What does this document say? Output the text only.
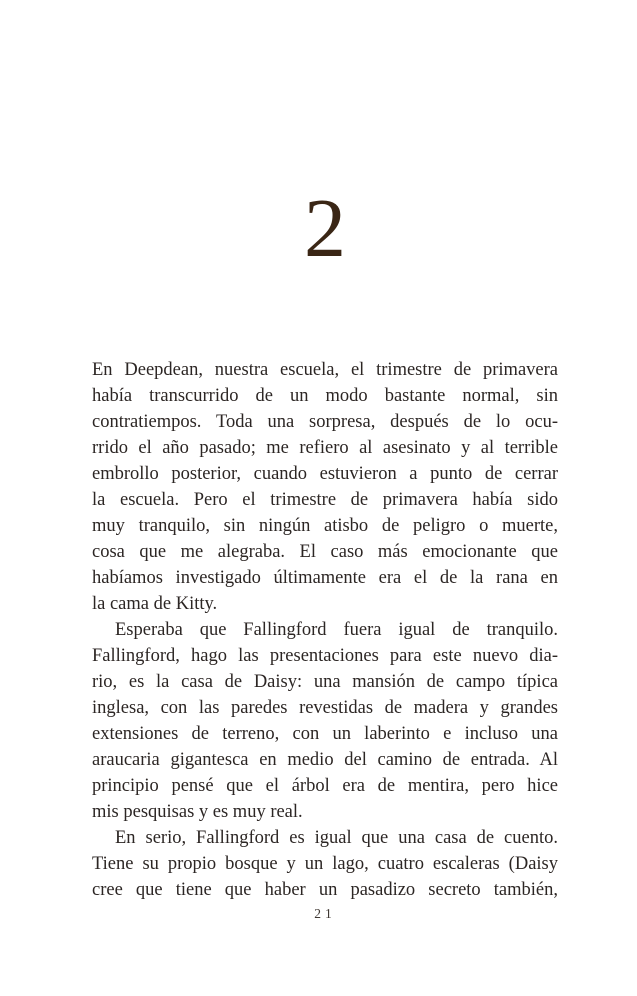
2
En Deepdean, nuestra escuela, el trimestre de primavera
había transcurrido de un modo bastante normal, sin
contratiempos. Toda una sorpresa, después de lo ocu-
rrido el año pasado; me refiero al asesinato y al terrible
embrollo posterior, cuando estuvieron a punto de cerrar
la escuela. Pero el trimestre de primavera había sido
muy tranquilo, sin ningún atisbo de peligro o muerte,
cosa que me alegraba. El caso más emocionante que
habíamos investigado últimamente era el de la rana en
la cama de Kitty.
Esperaba que Fallingford fuera igual de tranquilo.
Fallingford, hago las presentaciones para este nuevo dia-
rio, es la casa de Daisy: una mansión de campo típica
inglesa, con las paredes revestidas de madera y grandes
extensiones de terreno, con un laberinto e incluso una
araucaria gigantesca en medio del camino de entrada. Al
principio pensé que el árbol era de mentira, pero hice
mis pesquisas y es muy real.
En serio, Fallingford es igual que una casa de cuento.
Tiene su propio bosque y un lago, cuatro escaleras (Daisy
cree que tiene que haber un pasadizo secreto también,
21
